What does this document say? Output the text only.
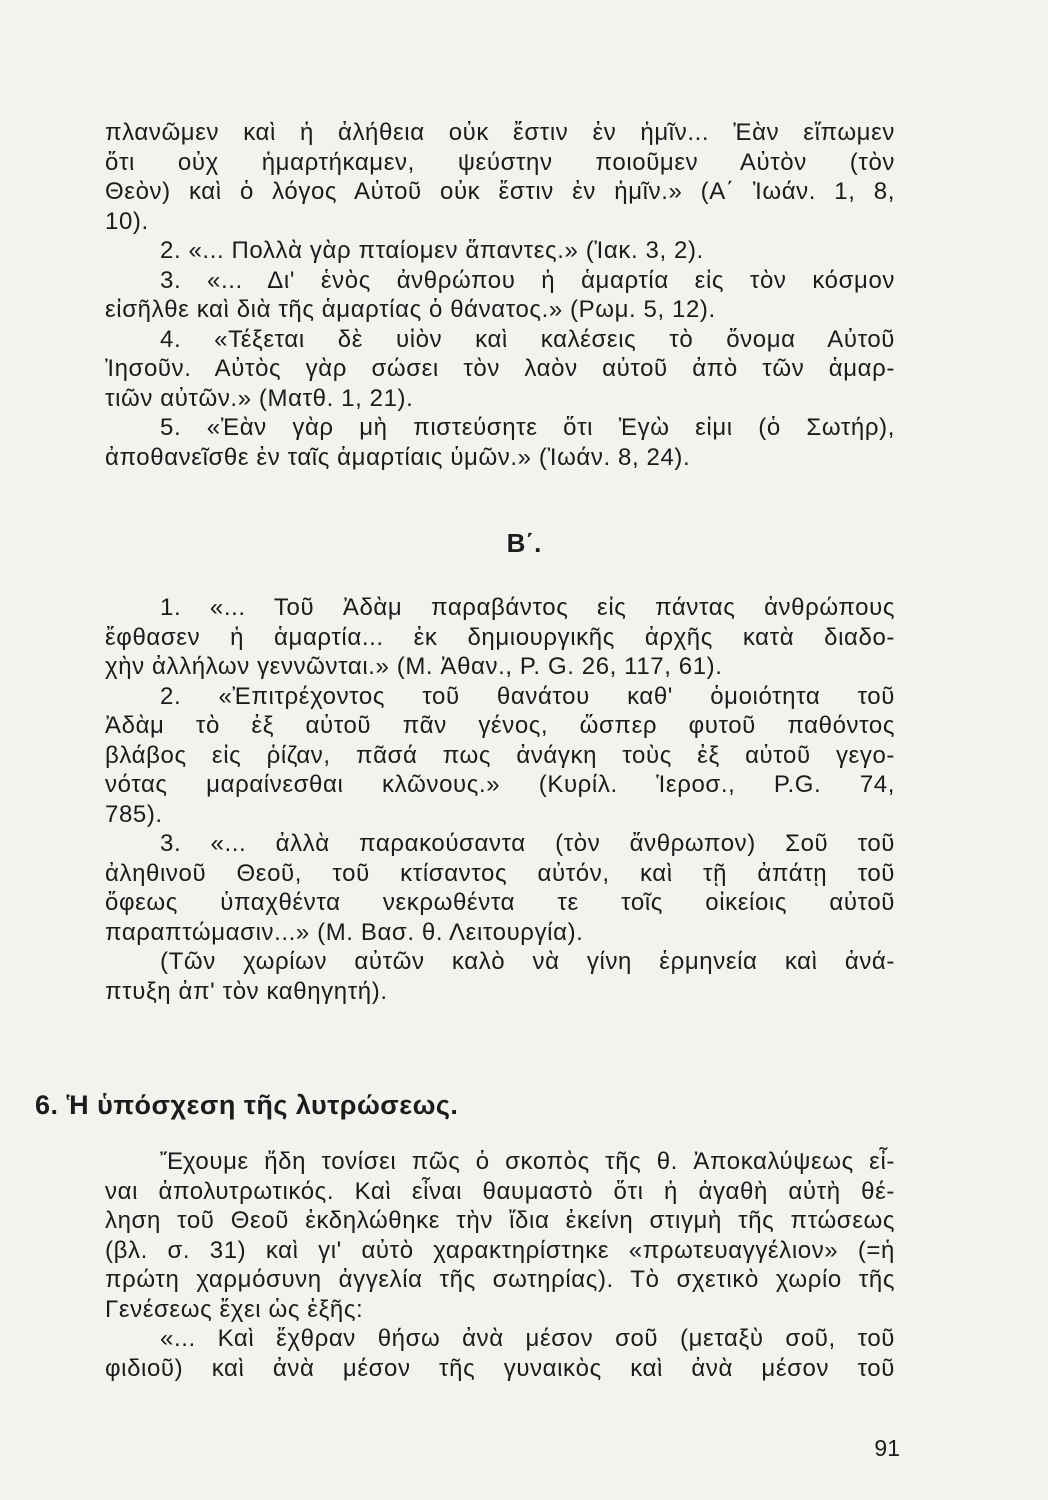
πλανῶμεν καὶ ἡ ἀλήθεια οὐκ ἔστιν ἐν ἡμῖν... Ἐὰν εἴπωμεν
ὅτι οὐχ ἡμαρτήκαμεν, ψεύστην ποιοῦμεν Αὐτὸν (τὸν
Θεὸν) καὶ ὁ λόγος Αὐτοῦ οὐκ ἔστιν ἐν ἡμῖν.» (Α΄ Ἰωάν. 1, 8,
10).
2. «... Πολλὰ γὰρ πταίομεν ἅπαντες.» (Ἰακ. 3, 2).
3. «... Δι' ἑνὸς ἀνθρώπου ἡ ἁμαρτία εἰς τὸν κόσμον
εἰσῆλθε καὶ διὰ τῆς ἁμαρτίας ὁ θάνατος.» (Ρωμ. 5, 12).
4. «Τέξεται δὲ υἱὸν καὶ καλέσεις τὸ ὄνομα Αὐτοῦ
Ἰησοῦν. Αὐτὸς γὰρ σώσει τὸν λαὸν αὐτοῦ ἀπὸ τῶν ἁμαρ-
τιῶν αὐτῶν.» (Ματθ. 1, 21).
5. «Ἐὰν γὰρ μὴ πιστεύσητε ὅτι Ἐγὼ εἰμι (ὁ Σωτήρ),
ἀποθανεῖσθε ἐν ταῖς ἁμαρτίαις ὑμῶν.» (Ἰωάν. 8, 24).
Β΄.
1. «... Τοῦ Ἀδὰμ παραβάντος εἰς πάντας ἀνθρώπους
ἔφθασεν ἡ ἁμαρτία... ἐκ δημιουργικῆς ἀρχῆς κατὰ διαδο-
χὴν ἀλλήλων γεννῶνται.» (Μ. Ἀθαν., P. G. 26, 117, 61).
2. «Ἐπιτρέχοντος τοῦ θανάτου καθ' ὁμοιότητα τοῦ
Ἀδὰμ τὸ ἐξ αὐτοῦ πᾶν γένος, ὥσπερ φυτοῦ παθόντος
βλάβος εἰς ῥίζαν, πᾶσά πως ἀνάγκη τοὺς ἐξ αὐτοῦ γεγο-
νότας μαραίνεσθαι κλῶνους.» (Κυρίλ. Ἱεροσ., P.G. 74,
785).
3. «... ἀλλὰ παρακούσαντα (τὸν ἄνθρωπον) Σοῦ τοῦ
ἀληθινοῦ Θεοῦ, τοῦ κτίσαντος αὐτόν, καὶ τῇ ἀπάτῃ τοῦ
ὄφεως ὑπαχθέντα νεκρωθέντα τε τοῖς οἰκείοις αὐτοῦ
παραπτώμασιν...» (Μ. Βασ. θ. Λειτουργία).
(Τῶν χωρίων αὐτῶν καλὸ νὰ γίνη ἑρμηνεία καὶ ἀνά-
πτυξη ἀπ' τὸν καθηγητή).
6. Ἡ ὑπόσχεση τῆς λυτρώσεως.
Ἔχουμε ἤδη τονίσει πῶς ὁ σκοπὸς τῆς θ. Ἀποκαλύψεως εἶ-
ναι ἀπολυτρωτικός. Καὶ εἶναι θαυμαστὸ ὅτι ἡ ἀγαθὴ αὐτὴ θέ-
ληση τοῦ Θεοῦ ἐκδηλώθηκε τὴν ἴδια ἐκείνη στιγμὴ τῆς πτώσεως
(βλ. σ. 31) καὶ γι' αὐτὸ χαρακτηρίστηκε «πρωτευαγγέλιον» (=ἡ
πρώτη χαρμόσυνη ἀγγελία τῆς σωτηρίας). Τὸ σχετικὸ χωρίο τῆς
Γενέσεως ἔχει ὡς ἑξῆς:
«... Καὶ ἔχθραν θήσω ἀνὰ μέσον σοῦ (μεταξὺ σοῦ, τοῦ
φιδιοῦ) καὶ ἀνὰ μέσον τῆς γυναικὸς καὶ ἀνὰ μέσον τοῦ
91
